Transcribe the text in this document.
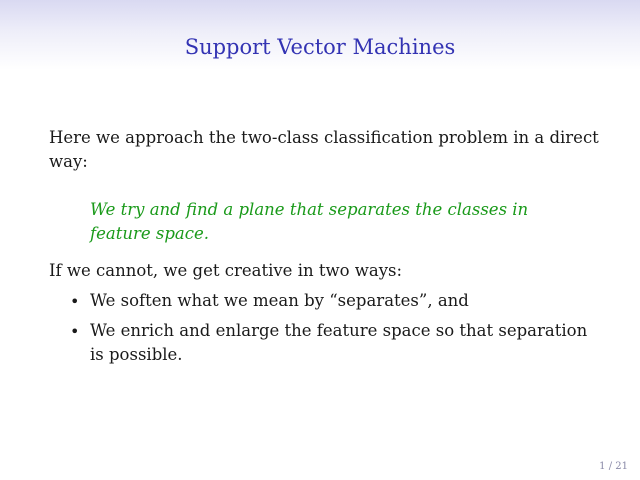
Support Vector Machines
Here we approach the two-class classification problem in a direct way:
We try and find a plane that separates the classes in feature space.
If we cannot, we get creative in two ways:
• We soften what we mean by “separates”, and
• We enrich and enlarge the feature space so that separation is possible.
1 / 21
